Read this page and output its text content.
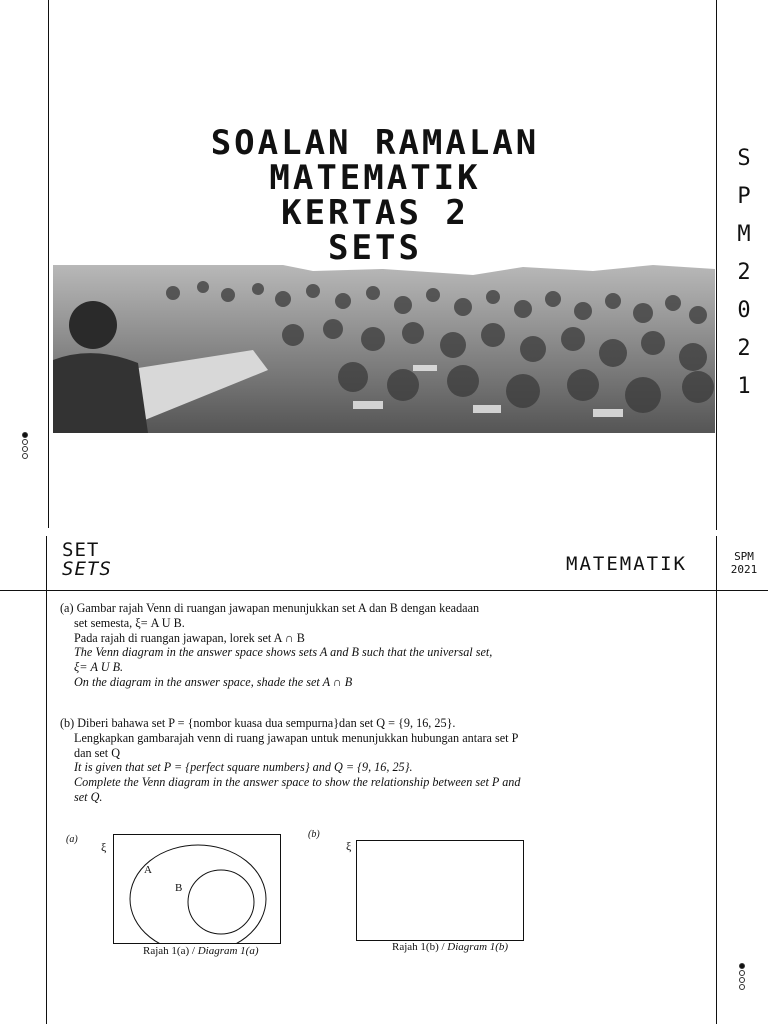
SOALAN RAMALAN
MATEMATIK
KERTAS 2
SETS
S
P
M
2
0
2
1
SET
SETS	MATEMATIK	SPM
2021

(a) Gambar rajah Venn di ruangan jawapan menunjukkan set A dan B dengan keadaan

set semesta, ξ= A U B.

Pada rajah di ruangan jawapan, lorek set A ∩ B

The Venn diagram in the answer space shows sets A and B such that the universal set,

ξ= A U B.

On the diagram in the answer space, shade the set A ∩ B

(b) Diberi bahawa set P = {nombor kuasa dua sempurna}dan set Q = {9, 16, 25}.

Lengkapkan gambarajah venn di ruang jawapan untuk menunjukkan hubungan antara set P

dan set Q

It is given that set P = {perfect square numbers} and Q = {9, 16, 25}.

Complete the Venn diagram in the answer space to show the relationship between set P and

set Q.

(a)
ξ
A
B
Rajah 1(a) / Diagram 1(a)
(b)
ξ
Rajah 1(b) / Diagram 1(b)
